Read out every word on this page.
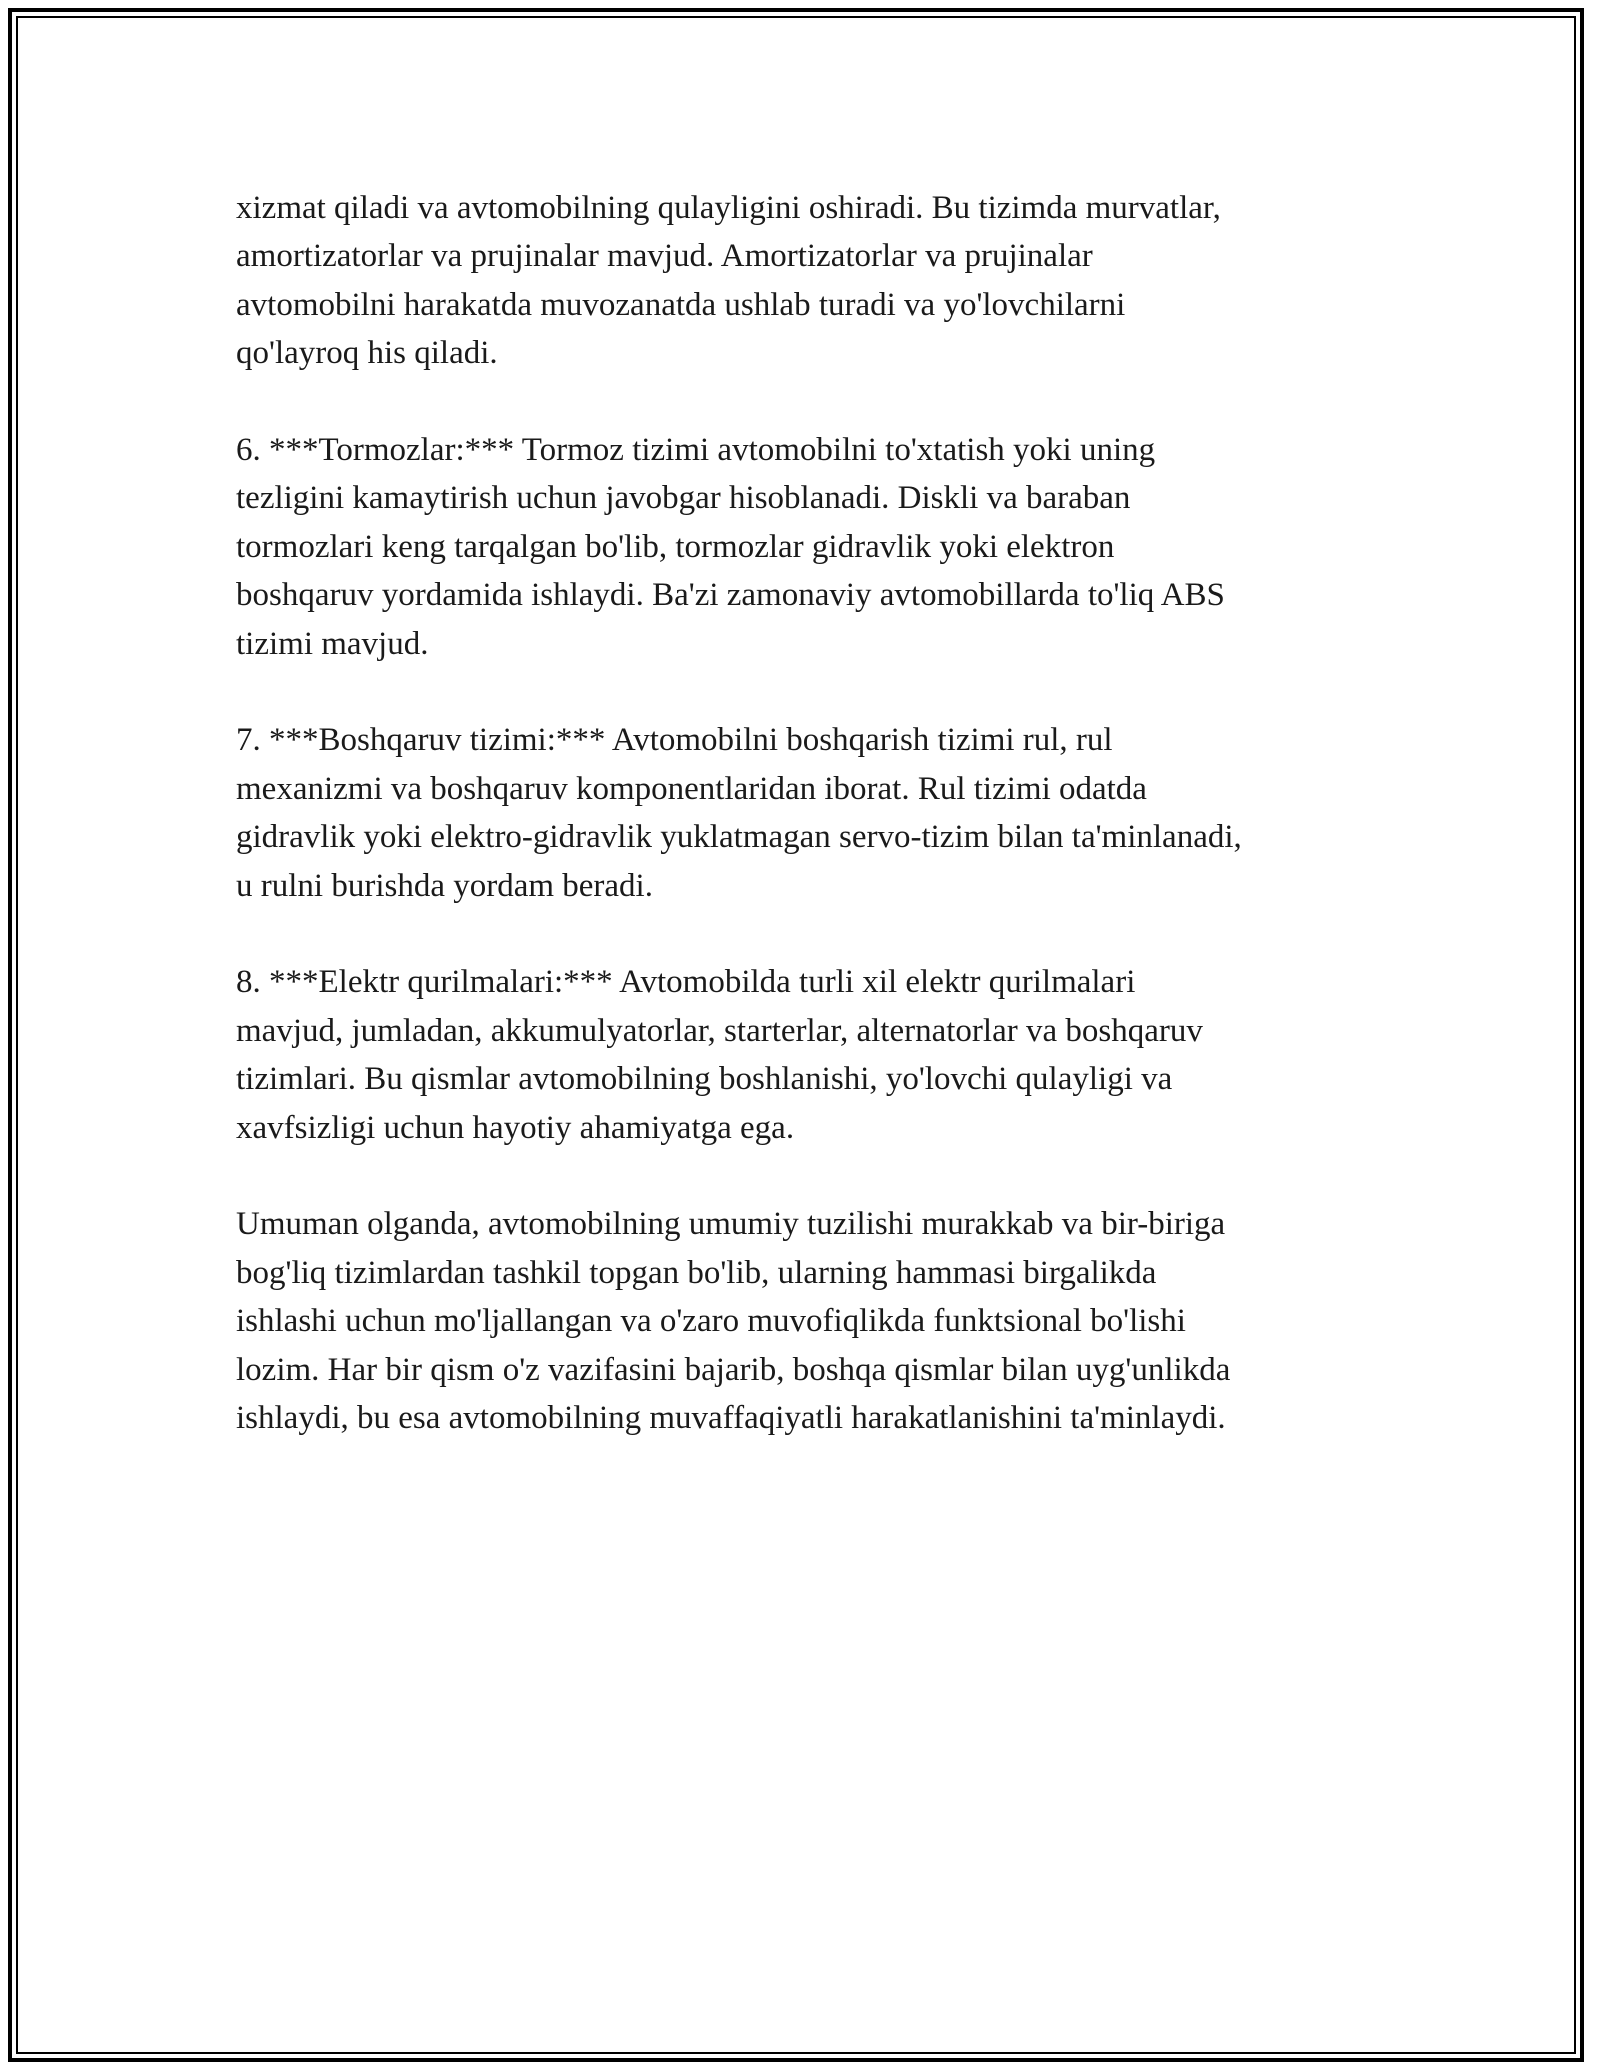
xizmat qiladi va avtomobilning qulayligini oshiradi. Bu tizimda murvatlar,
amortizatorlar va prujinalar mavjud. Amortizatorlar va prujinalar
avtomobilni harakatda muvozanatda ushlab turadi va yo'lovchilarni
qo'layroq his qiladi.

6. ***Tormozlar:*** Tormoz tizimi avtomobilni to'xtatish yoki uning
tezligini kamaytirish uchun javobgar hisoblanadi. Diskli va baraban
tormozlari keng tarqalgan bo'lib, tormozlar gidravlik yoki elektron
boshqaruv yordamida ishlaydi. Ba'zi zamonaviy avtomobillarda to'liq ABS
tizimi mavjud.

7. ***Boshqaruv tizimi:*** Avtomobilni boshqarish tizimi rul, rul
mexanizmi va boshqaruv komponentlaridan iborat. Rul tizimi odatda
gidravlik yoki elektro-gidravlik yuklatmagan servo-tizim bilan ta'minlanadi,
u rulni burishda yordam beradi.

8. ***Elektr qurilmalari:*** Avtomobilda turli xil elektr qurilmalari
mavjud, jumladan, akkumulyatorlar, starterlar, alternatorlar va boshqaruv
tizimlari. Bu qismlar avtomobilning boshlanishi, yo'lovchi qulayligi va
xavfsizligi uchun hayotiy ahamiyatga ega.

Umuman olganda, avtomobilning umumiy tuzilishi murakkab va bir-biriga
bog'liq tizimlardan tashkil topgan bo'lib, ularning hammasi birgalikda
ishlashi uchun mo'ljallangan va o'zaro muvofiqlikda funktsional bo'lishi
lozim. Har bir qism o'z vazifasini bajarib, boshqa qismlar bilan uyg'unlikda
ishlaydi, bu esa avtomobilning muvaffaqiyatli harakatlanishini ta'minlaydi.
